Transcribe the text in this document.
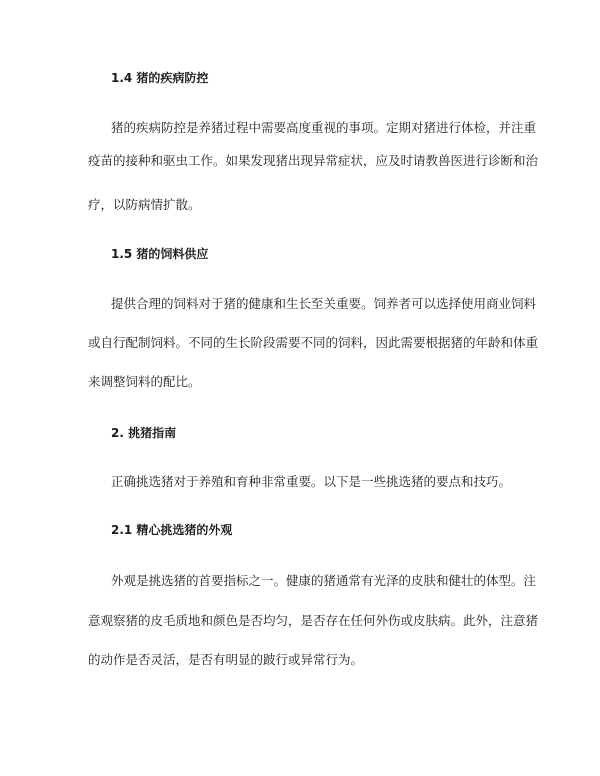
1.4 猪的疾病防控
猪的疾病防控是养猪过程中需要高度重视的事项。定期对猪进行体检，并注重
疫苗的接种和驱虫工作。如果发现猪出现异常症状，应及时请教兽医进行诊断和治
疗，以防病情扩散。
1.5 猪的饲料供应
提供合理的饲料对于猪的健康和生长至关重要。饲养者可以选择使用商业饲料
或自行配制饲料。不同的生长阶段需要不同的饲料，因此需要根据猪的年龄和体重
来调整饲料的配比。
2. 挑猪指南
正确挑选猪对于养殖和育种非常重要。以下是一些挑选猪的要点和技巧。
2.1 精心挑选猪的外观
外观是挑选猪的首要指标之一。健康的猪通常有光泽的皮肤和健壮的体型。注
意观察猪的皮毛质地和颜色是否均匀，是否存在任何外伤或皮肤病。此外，注意猪
的动作是否灵活，是否有明显的跛行或异常行为。
